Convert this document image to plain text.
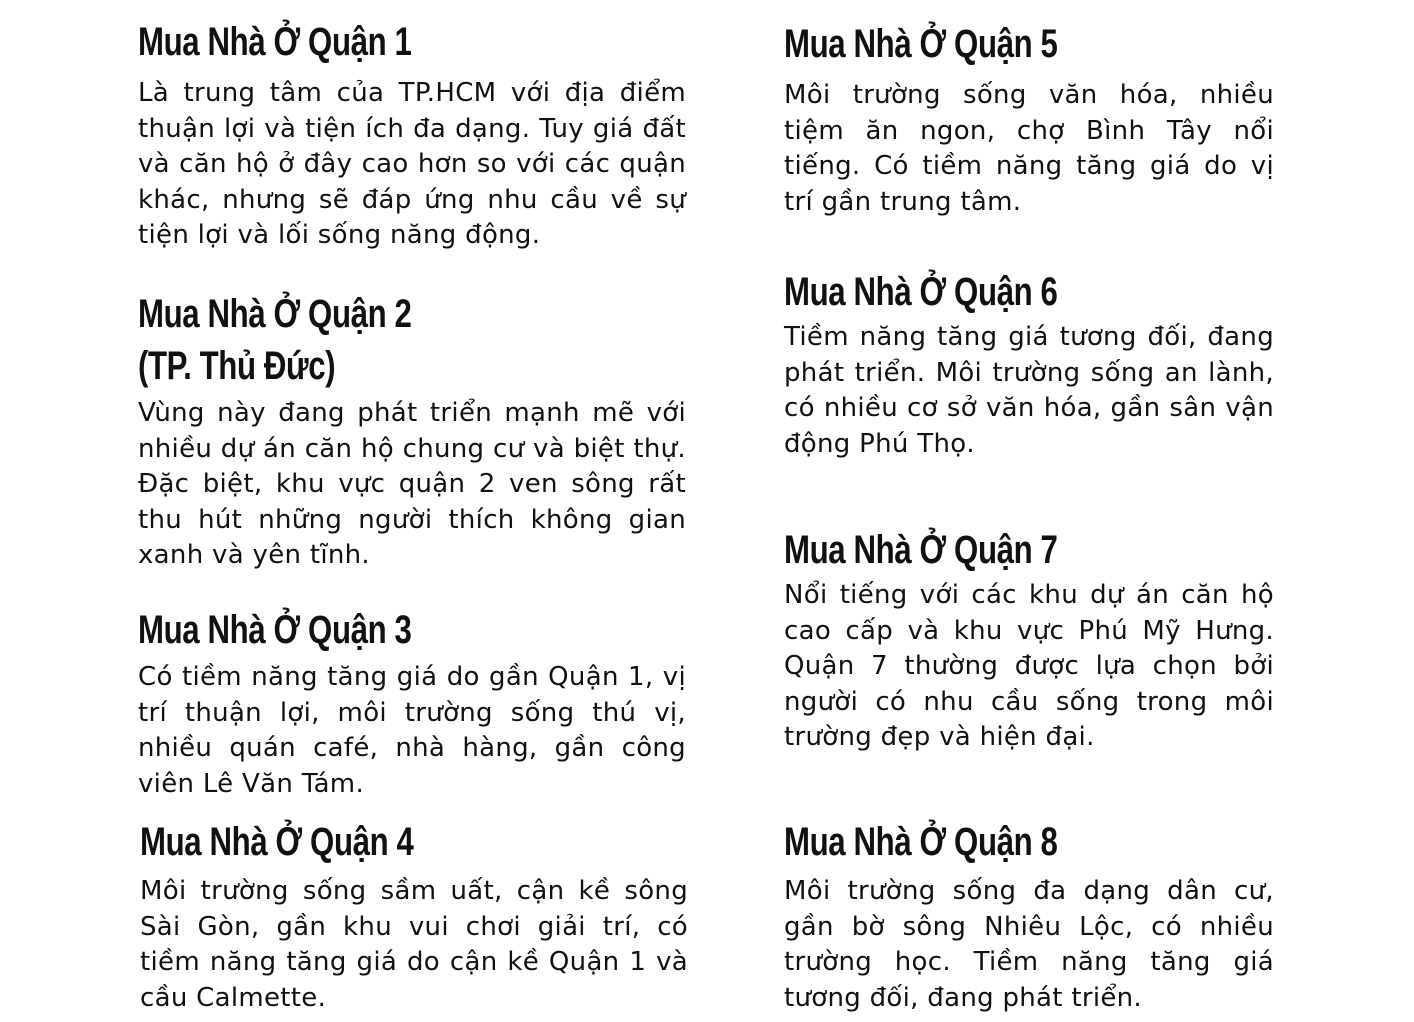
Mua Nhà Ở Quận 1

Là trung tâm của TP.HCM với địa điểm thuận lợi và tiện ích đa dạng. Tuy giá đất và căn hộ ở đây cao hơn so với các quận khác, nhưng sẽ đáp ứng nhu cầu về sự tiện lợi và lối sống năng động.

Mua Nhà Ở Quận 2
(TP. Thủ Đức)

Vùng này đang phát triển mạnh mẽ với nhiều dự án căn hộ chung cư và biệt thự. Đặc biệt, khu vực quận 2 ven sông rất thu hút những người thích không gian xanh và yên tĩnh.

Mua Nhà Ở Quận 3

Có tiềm năng tăng giá do gần Quận 1, vị trí thuận lợi, môi trường sống thú vị, nhiều quán café, nhà hàng, gần công viên Lê Văn Tám.

Mua Nhà Ở Quận 4

Môi trường sống sầm uất, cận kề sông Sài Gòn, gần khu vui chơi giải trí, có tiềm năng tăng giá do cận kề Quận 1 và cầu Calmette.

Mua Nhà Ở Quận 5

Môi trường sống văn hóa, nhiều tiệm ăn ngon, chợ Bình Tây nổi tiếng. Có tiềm năng tăng giá do vị trí gần trung tâm.

Mua Nhà Ở Quận 6

Tiềm năng tăng giá tương đối, đang phát triển. Môi trường sống an lành, có nhiều cơ sở văn hóa, gần sân vận động Phú Thọ.

Mua Nhà Ở Quận 7

Nổi tiếng với các khu dự án căn hộ cao cấp và khu vực Phú Mỹ Hưng. Quận 7 thường được lựa chọn bởi người có nhu cầu sống trong môi trường đẹp và hiện đại.

Mua Nhà Ở Quận 8

Môi trường sống đa dạng dân cư, gần bờ sông Nhiêu Lộc, có nhiều trường học. Tiềm năng tăng giá tương đối, đang phát triển.
